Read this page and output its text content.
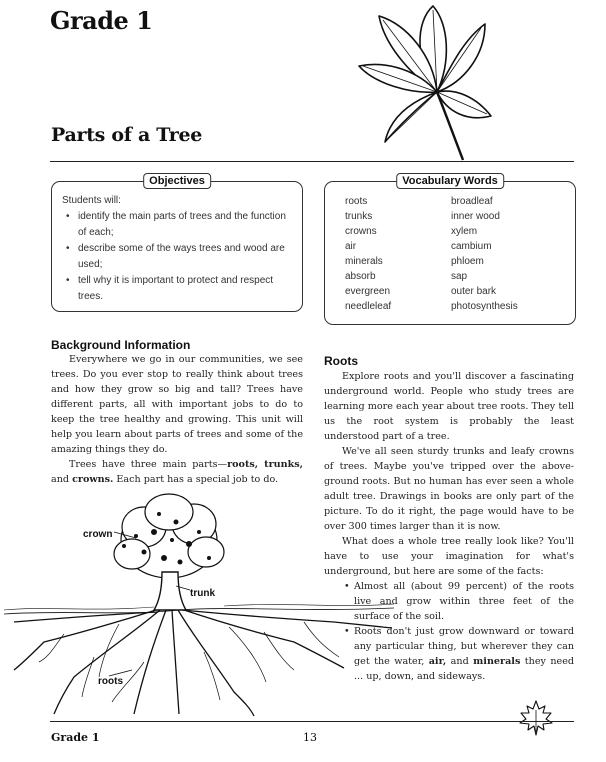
Grade 1
Parts of a Tree
Objectives
Students will:
• identify the main parts of trees and the function of each;
• describe some of the ways trees and wood are used;
• tell why it is important to protect and respect trees.
Vocabulary Words
roots
trunks
crowns
air
minerals
absorb
evergreen
needleleaf
broadleaf
inner wood
xylem
cambium
phloem
sap
outer bark
photosynthesis
Background Information

Everywhere we go in our communities, we see trees. Do you ever stop to really think about trees and how they grow so big and tall? Trees have different parts, all with important jobs to do to keep the tree healthy and growing. This unit will help you learn about parts of trees and some of the amazing things they do.

Trees have three main parts—roots, trunks, and crowns. Each part has a special job to do.

crown
trunk
roots
Roots

Explore roots and you'll discover a fascinating underground world. People who study trees are learning more each year about tree roots. They tell us the root system is probably the least understood part of a tree.

We've all seen sturdy trunks and leafy crowns of trees. Maybe you've tripped over the above-ground roots. But no human has ever seen a whole adult tree. Drawings in books are only part of the picture. To do it right, the page would have to be over 300 times larger than it is now.

What does a whole tree really look like? You'll have to use your imagination for what's underground, but here are some of the facts:

• Almost all (about 99 percent) of the roots live and grow within three feet of the surface of the soil.
• Roots don't just grow downward or toward any particular thing, but wherever they can get the water, air, and minerals they need ... up, down, and sideways.
Grade 1	13
